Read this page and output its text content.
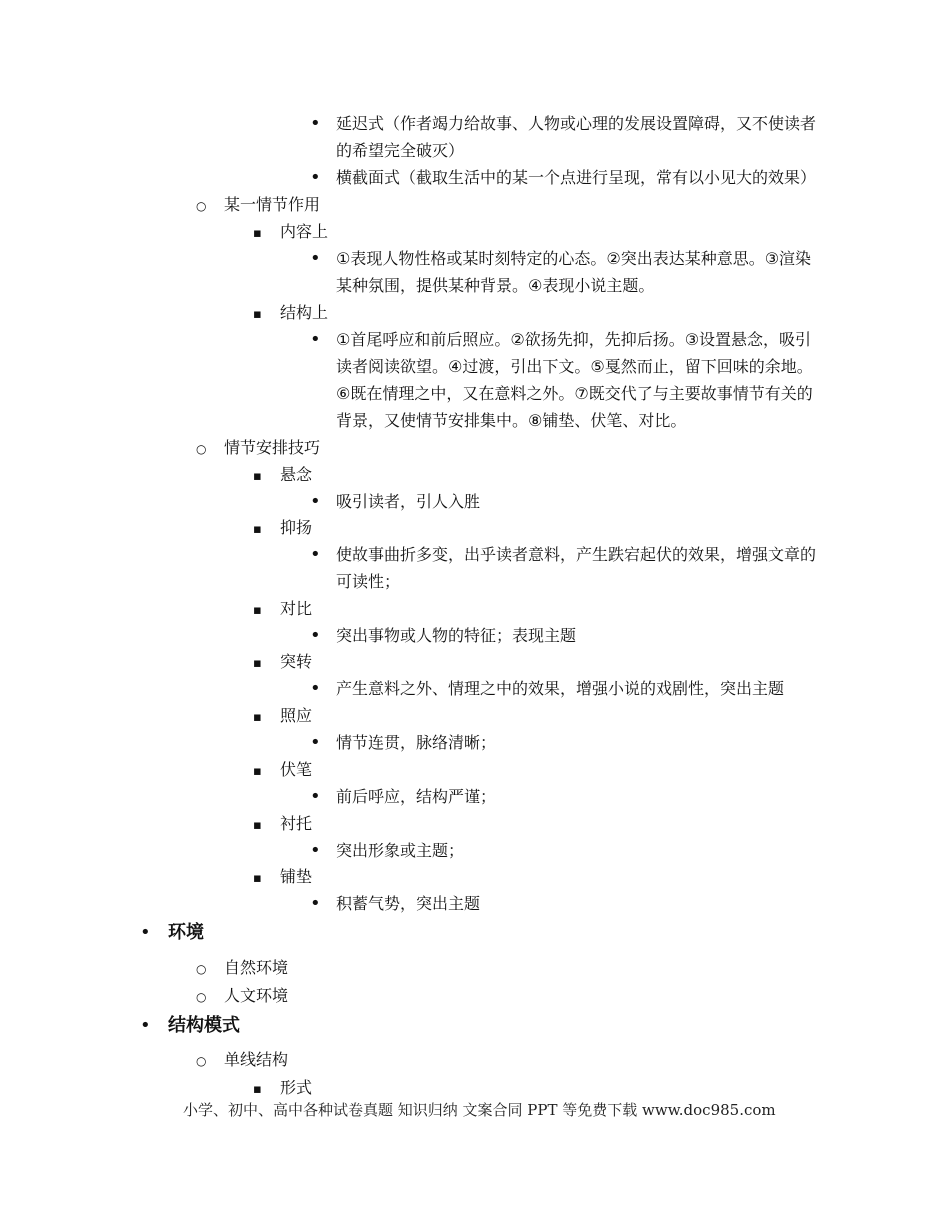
•
延迟式（作者竭力给故事、人物或心理的发展设置障碍，又不使读者
的希望完全破灭）
•
横截面式（截取生活中的某一个点进行呈现，常有以小见大的效果）
○
某一情节作用
▪
内容上
•
①表现人物性格或某时刻特定的心态。②突出表达某种意思。③渲染
某种氛围，提供某种背景。④表现小说主题。
▪
结构上
•
①首尾呼应和前后照应。②欲扬先抑，先抑后扬。③设置悬念，吸引
读者阅读欲望。④过渡，引出下文。⑤戛然而止，留下回味的余地。
⑥既在情理之中，又在意料之外。⑦既交代了与主要故事情节有关的
背景，又使情节安排集中。⑧铺垫、伏笔、对比。
○
情节安排技巧
▪
悬念
•
吸引读者，引人入胜
▪
抑扬
•
使故事曲折多变，出乎读者意料，产生跌宕起伏的效果，增强文章的
可读性；
▪
对比
•
突出事物或人物的特征；表现主题
▪
突转
•
产生意料之外、情理之中的效果，增强小说的戏剧性，突出主题
▪
照应
•
情节连贯，脉络清晰；
▪
伏笔
•
前后呼应，结构严谨；
▪
衬托
•
突出形象或主题；
▪
铺垫
•
积蓄气势，突出主题
•
环境
○
自然环境
○
人文环境
•
结构模式
○
单线结构
▪
形式
小学、初中、高中各种试卷真题 知识归纳 文案合同 PPT 等免费下载 www.doc985.com
